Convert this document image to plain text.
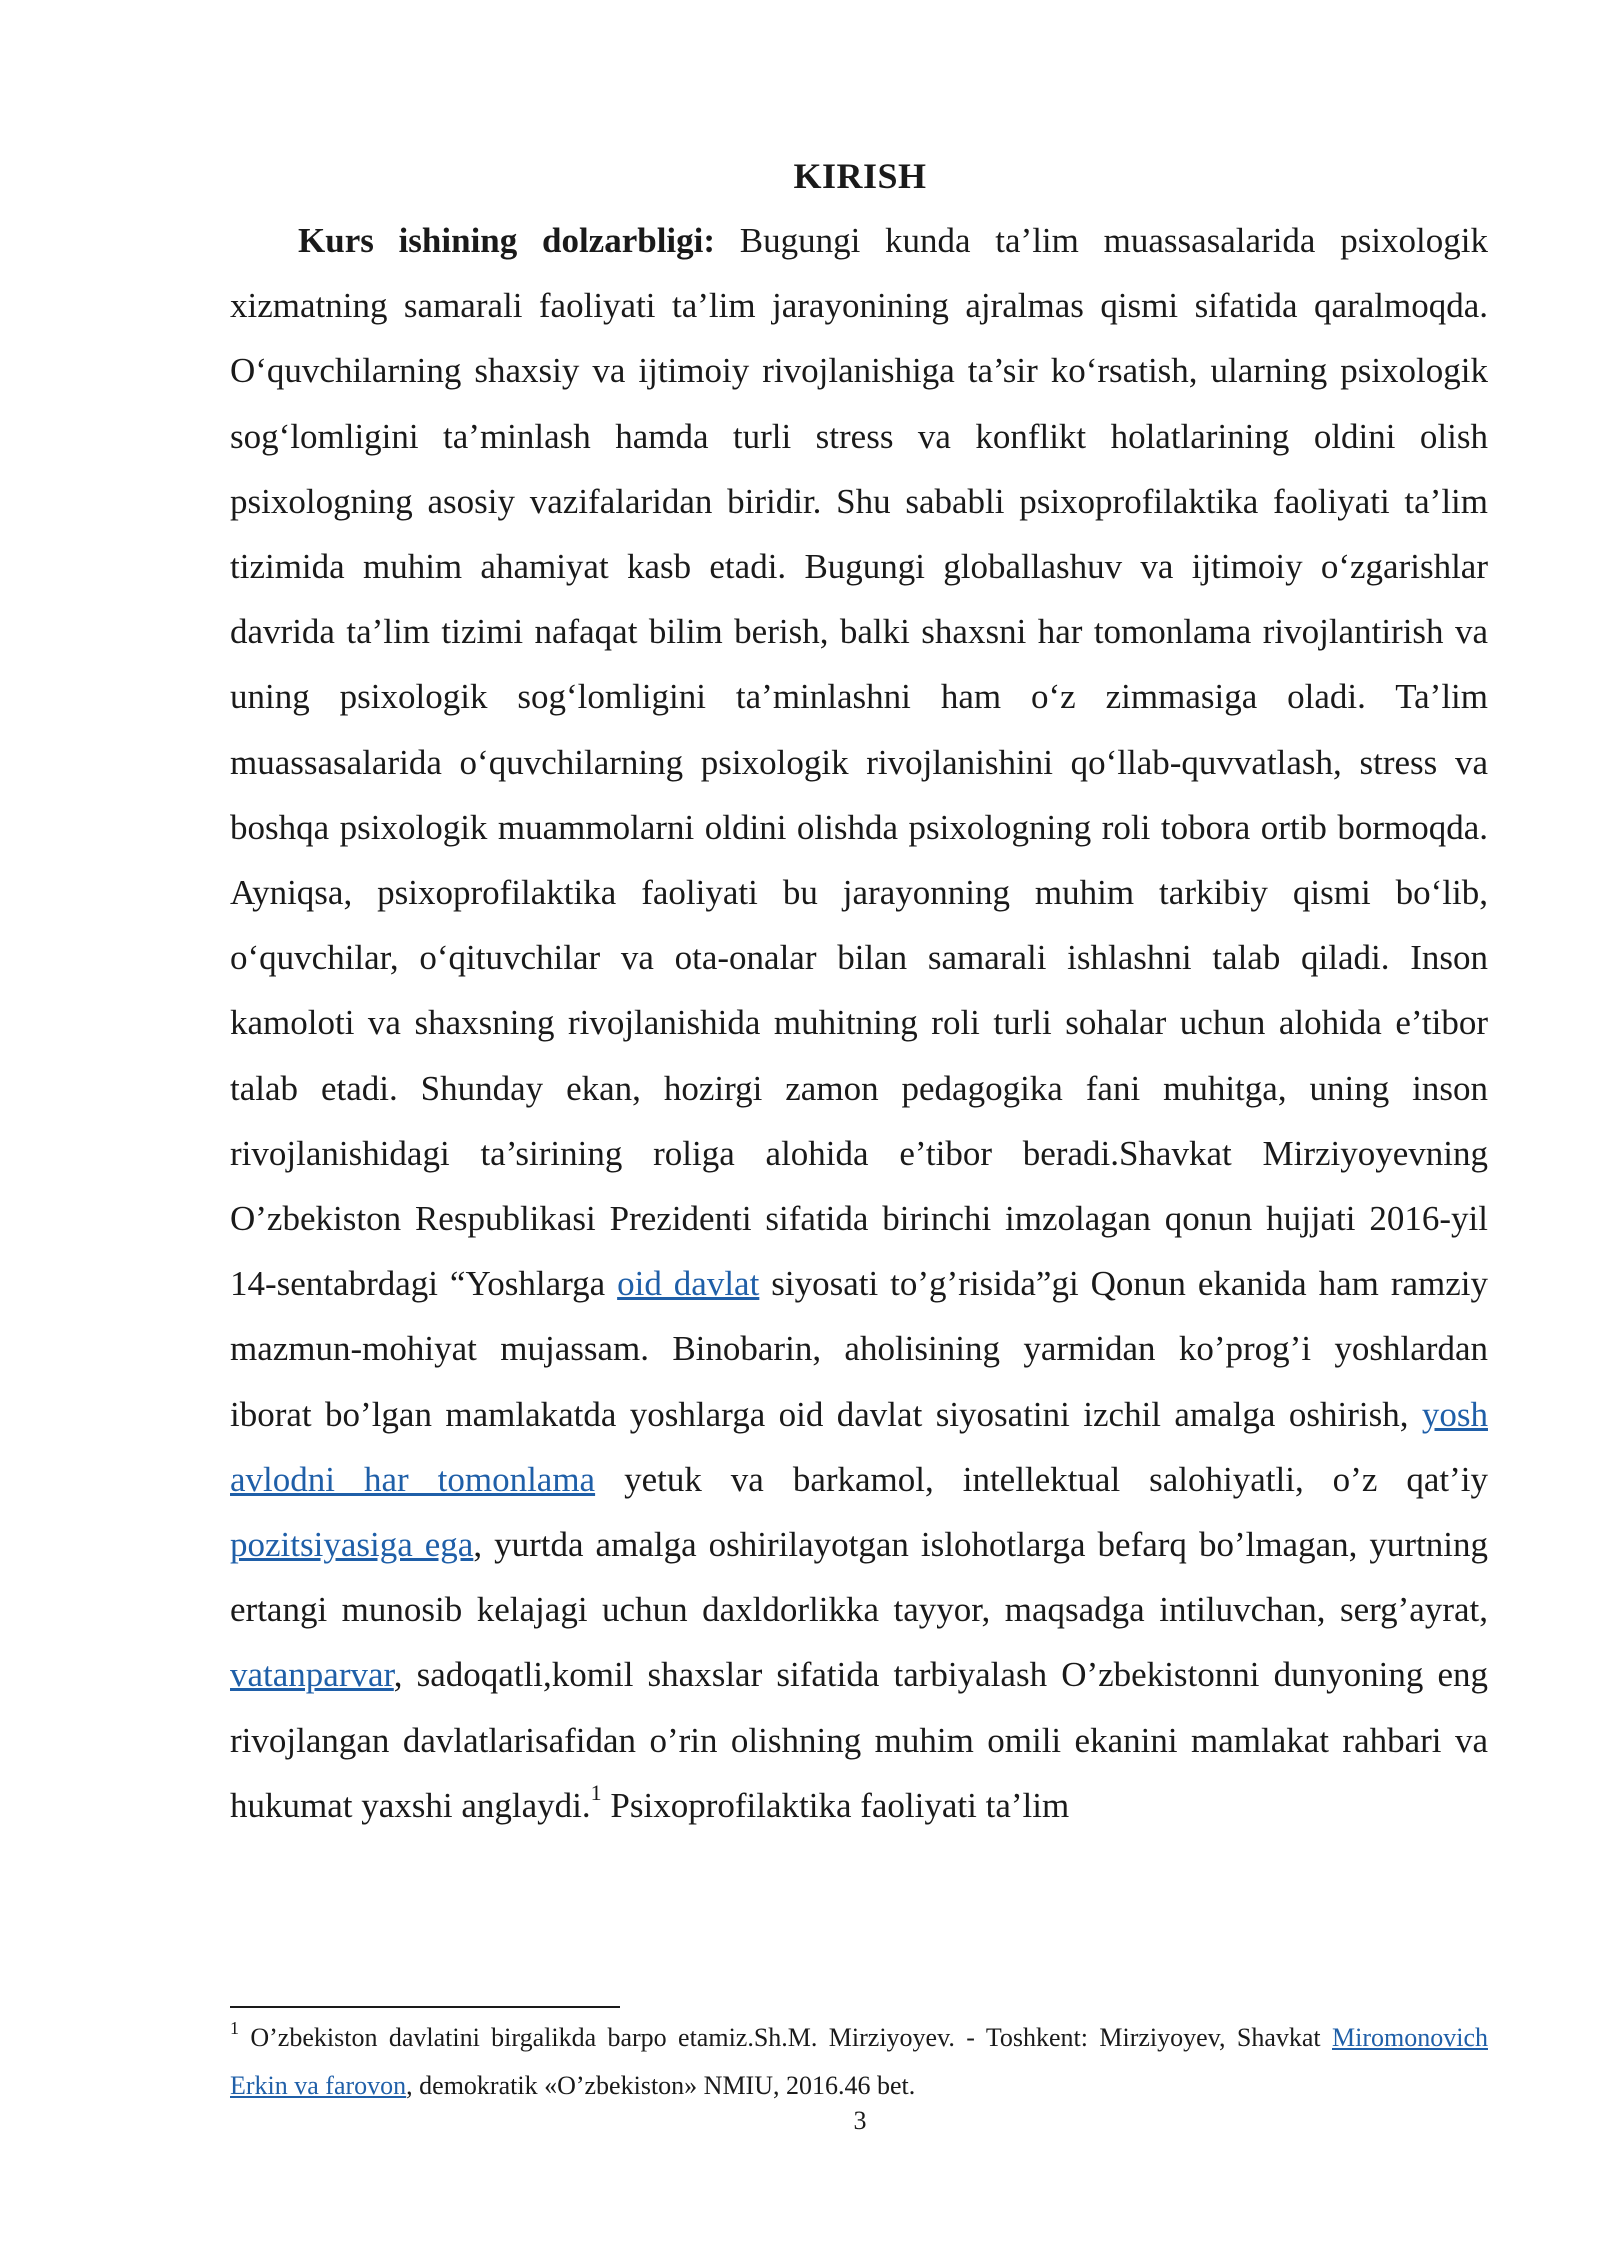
KIRISH

Kurs ishining dolzarbligi: Bugungi kunda ta’lim muassasalarida psixologik xizmatning samarali faoliyati ta’lim jarayonining ajralmas qismi sifatida qaralmoqda. O‘quvchilarning shaxsiy va ijtimoiy rivojlanishiga ta’sir ko‘rsatish, ularning psixologik sog‘lomligini ta’minlash hamda turli stress va konflikt holatlarining oldini olish psixologning asosiy vazifalaridan biridir. Shu sababli psixoprofilaktika faoliyati ta’lim tizimida muhim ahamiyat kasb etadi. Bugungi globallashuv va ijtimoiy o‘zgarishlar davrida ta’lim tizimi nafaqat bilim berish, balki shaxsni har tomonlama rivojlantirish va uning psixologik sog‘lomligini ta’minlashni ham o‘z zimmasiga oladi. Ta’lim muassasalarida o‘quvchilarning psixologik rivojlanishini qo‘llab-quvvatlash, stress va boshqa psixologik muammolarni oldini olishda psixologning roli tobora ortib bormoqda. Ayniqsa, psixoprofilaktika faoliyati bu jarayonning muhim tarkibiy qismi bo‘lib, o‘quvchilar, o‘qituvchilar va ota-onalar bilan samarali ishlashni talab qiladi. Inson kamoloti va shaxsning rivojlanishida muhitning roli turli sohalar uchun alohida e’tibor talab etadi. Shunday ekan, hozirgi zamon pedagogika fani muhitga, uning inson rivojlanishidagi ta’sirining roliga alohida e’tibor beradi.Shavkat Mirziyoyevning O’zbekiston Respublikasi Prezidenti sifatida birinchi imzolagan qonun hujjati 2016-yil 14-sentabrdagi “Yoshlarga oid davlat siyosati to’g’risida”gi Qonun ekanida ham ramziy mazmun-mohiyat mujassam. Binobarin, aholisining yarmidan ko’prog’i yoshlardan iborat bo’lgan mamlakatda yoshlarga oid davlat siyosatini izchil amalga oshirish, yosh avlodni har tomonlama yetuk va barkamol, intellektual salohiyatli, o’z qat’iy pozitsiyasiga ega, yurtda amalga oshirilayotgan islohotlarga befarq bo’lmagan, yurtning ertangi munosib kelajagi uchun daxldorlikka tayyor, maqsadga intiluvchan, serg’ayrat, vatanparvar, sadoqatli,komil shaxslar sifatida tarbiyalash O’zbekistonni dunyoning eng rivojlangan davlatlarisafidan o’rin olishning muhim omili ekanini mamlakat rahbari va hukumat yaxshi anglaydi.$^1$ Psixoprofilaktika faoliyati ta’lim

$^1$ O’zbekiston davlatini birgalikda barpo etamiz.Sh.M. Mirziyoyev. - Toshkent: Mirziyoyev, Shavkat Miromonovich Erkin va farovon, demokratik «O’zbekiston» NMIU, 2016.46 bet.

3
